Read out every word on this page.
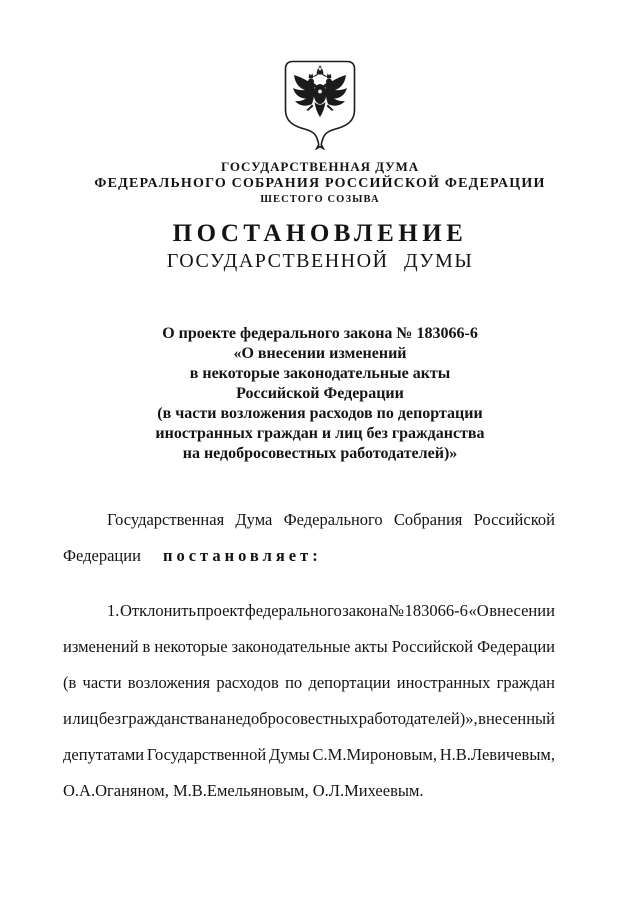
ГОСУДАРСТВЕННАЯ ДУМА
ФЕДЕРАЛЬНОГО СОБРАНИЯ РОССИЙСКОЙ ФЕДЕРАЦИИ
ШЕСТОГО СОЗЫВА
ПОСТАНОВЛЕНИЕ
ГОСУДАРСТВЕННОЙ ДУМЫ
О проекте федерального закона № 183066-6
«О внесении изменений
в некоторые законодательные акты
Российской Федерации
(в части возложения расходов по депортации
иностранных граждан и лиц без гражданства
на недобросовестных работодателей)»
Государственная Дума Федерального Собрания Российской
Федерации постановляет:
1. Отклонить проект федерального закона № 183066-6 «О внесении
изменений в некоторые законодательные акты Российской Федерации
(в части возложения расходов по депортации иностранных граждан
и лиц без гражданства на недобросовестных работодателей)», внесенный
депутатами Государственной Думы С.М.Мироновым, Н.В.Левичевым,
О.А.Оганяном, М.В.Емельяновым, О.Л.Михеевым.
